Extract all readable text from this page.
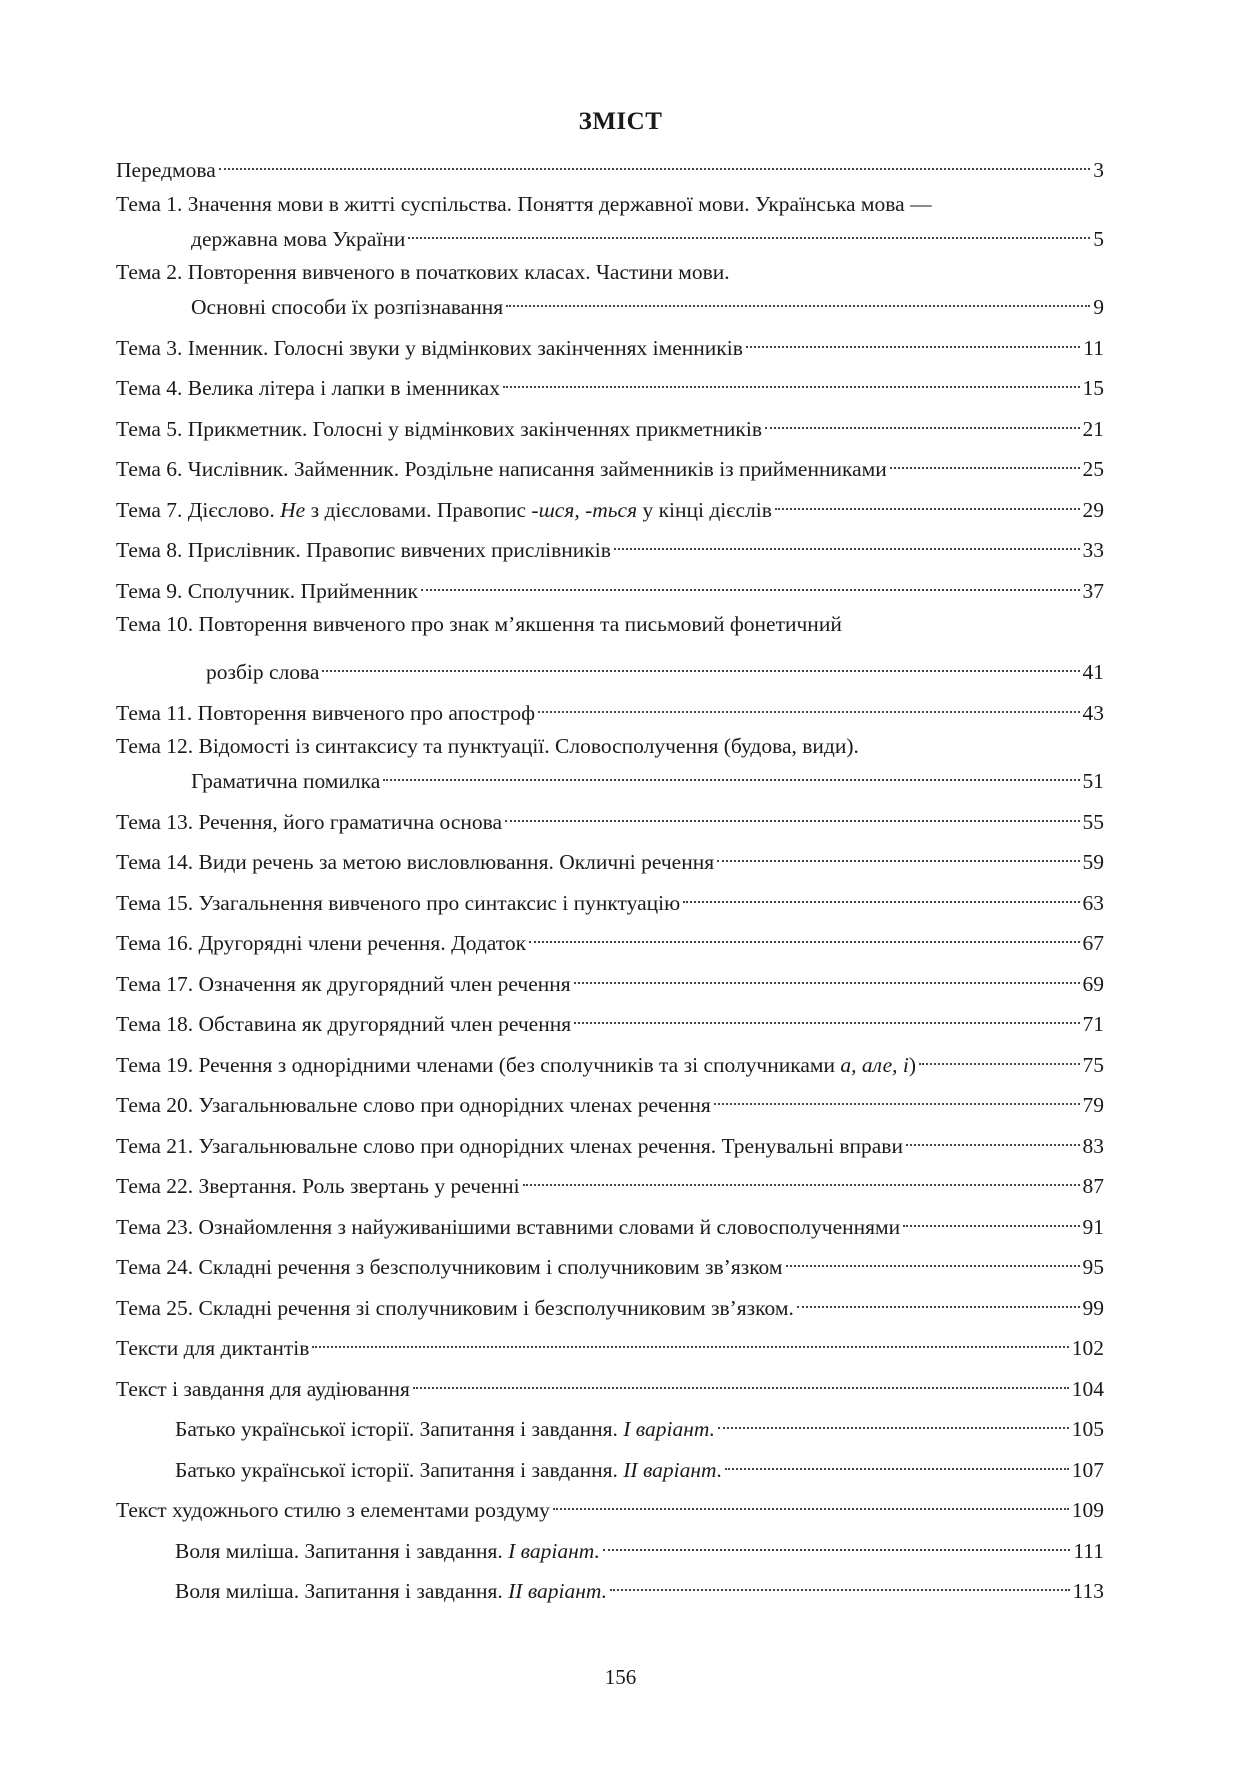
ЗМІСТ
Передмова	3
Тема 1. Значення мови в житті суспільства. Поняття державної мови. Українська мова —
державна мова України	5
Тема 2. Повторення вивченого в початкових класах. Частини мови.
Основні способи їх розпізнавання	9
Тема 3. Іменник. Голосні звуки у відмінкових закінченнях іменників	11
Тема 4. Велика літера і лапки в іменниках	15
Тема 5. Прикметник. Голосні у відмінкових закінченнях прикметників	21
Тема 6. Числівник. Займенник. Роздільне написання займенників із прийменниками	25
Тема 7. Дієслово. Не з дієсловами. Правопис -шся, -ться у кінці дієслів	29
Тема 8. Прислівник. Правопис вивчених прислівників	33
Тема 9. Сполучник. Прийменник	37
Тема 10. Повторення вивченого про знак м’якшення та письмовий фонетичний
розбір слова	41
Тема 11. Повторення вивченого про апостроф	43
Тема 12. Відомості із синтаксису та пунктуації. Словосполучення (будова, види).
Граматична помилка	51
Тема 13. Речення, його граматична основа	55
Тема 14. Види речень за метою висловлювання. Окличні речення	59
Тема 15. Узагальнення вивченого про синтаксис і пунктуацію	63
Тема 16. Другорядні члени речення. Додаток	67
Тема 17. Означення як другорядний член речення	69
Тема 18. Обставина як другорядний член речення	71
Тема 19. Речення з однорідними членами (без сполучників та зі сполучниками а, але, і)	75
Тема 20. Узагальнювальне слово при однорідних членах речення	79
Тема 21. Узагальнювальне слово при однорідних членах речення. Тренувальні вправи	83
Тема 22. Звертання. Роль звертань у реченні	87
Тема 23. Ознайомлення з найуживанішими вставними словами й словосполученнями	91
Тема 24. Складні речення з безсполучниковим і сполучниковим зв’язком	95
Тема 25. Складні речення зі сполучниковим і безсполучниковим зв’язком.	99
Тексти для диктантів	102
Текст і завдання для аудіювання	104
Батько української історії. Запитання і завдання. І варіант.	105
Батько української історії. Запитання і завдання. ІІ варіант.	107
Текст художнього стилю з елементами роздуму	109
Воля миліша. Запитання і завдання. І варіант.	111
Воля миліша. Запитання і завдання. ІІ варіант.	113
156
